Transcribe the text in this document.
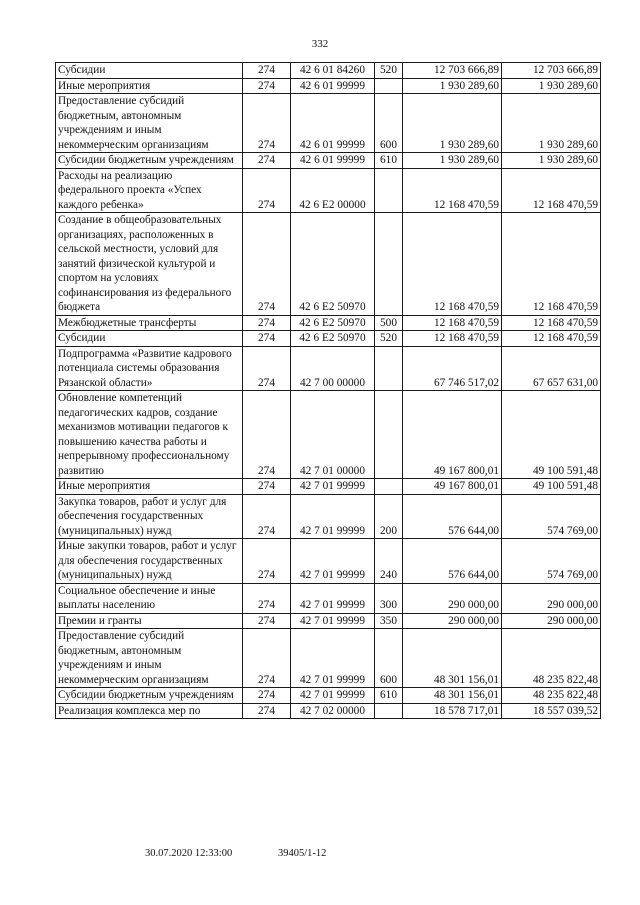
332
Субсидии	274	42 6 01 84260	520	12 703 666,89	12 703 666,89
Иные мероприятия	274	42 6 01 99999		1 930 289,60	1 930 289,60
Предоставление субсидий бюджетным, автономным учреждениям и иным некоммерческим организациям	274	42 6 01 99999	600	1 930 289,60	1 930 289,60
Субсидии бюджетным учреждениям	274	42 6 01 99999	610	1 930 289,60	1 930 289,60
Расходы на реализацию федерального проекта «Успех каждого ребенка»	274	42 6 E2 00000		12 168 470,59	12 168 470,59
Создание в общеобразовательных организациях, расположенных в сельской местности, условий для занятий физической культурой и спортом на условиях софинансирования из федерального бюджета	274	42 6 E2 50970		12 168 470,59	12 168 470,59
Межбюджетные трансферты	274	42 6 E2 50970	500	12 168 470,59	12 168 470,59
Субсидии	274	42 6 E2 50970	520	12 168 470,59	12 168 470,59
Подпрограмма «Развитие кадрового потенциала системы образования Рязанской области»	274	42 7 00 00000		67 746 517,02	67 657 631,00
Обновление компетенций педагогических кадров, создание механизмов мотивации педагогов к повышению качества работы и непрерывному профессиональному развитию	274	42 7 01 00000		49 167 800,01	49 100 591,48
Иные мероприятия	274	42 7 01 99999		49 167 800,01	49 100 591,48
Закупка товаров, работ и услуг для обеспечения государственных (муниципальных) нужд	274	42 7 01 99999	200	576 644,00	574 769,00
Иные закупки товаров, работ и услуг для обеспечения государственных (муниципальных) нужд	274	42 7 01 99999	240	576 644,00	574 769,00
Социальное обеспечение и иные выплаты населению	274	42 7 01 99999	300	290 000,00	290 000,00
Премии и гранты	274	42 7 01 99999	350	290 000,00	290 000,00
Предоставление субсидий бюджетным, автономным учреждениям и иным некоммерческим организациям	274	42 7 01 99999	600	48 301 156,01	48 235 822,48
Субсидии бюджетным учреждениям	274	42 7 01 99999	610	48 301 156,01	48 235 822,48
Реализация комплекса мер по	274	42 7 02 00000		18 578 717,01	18 557 039,52
30.07.2020 12:33:00	39405/1-12
